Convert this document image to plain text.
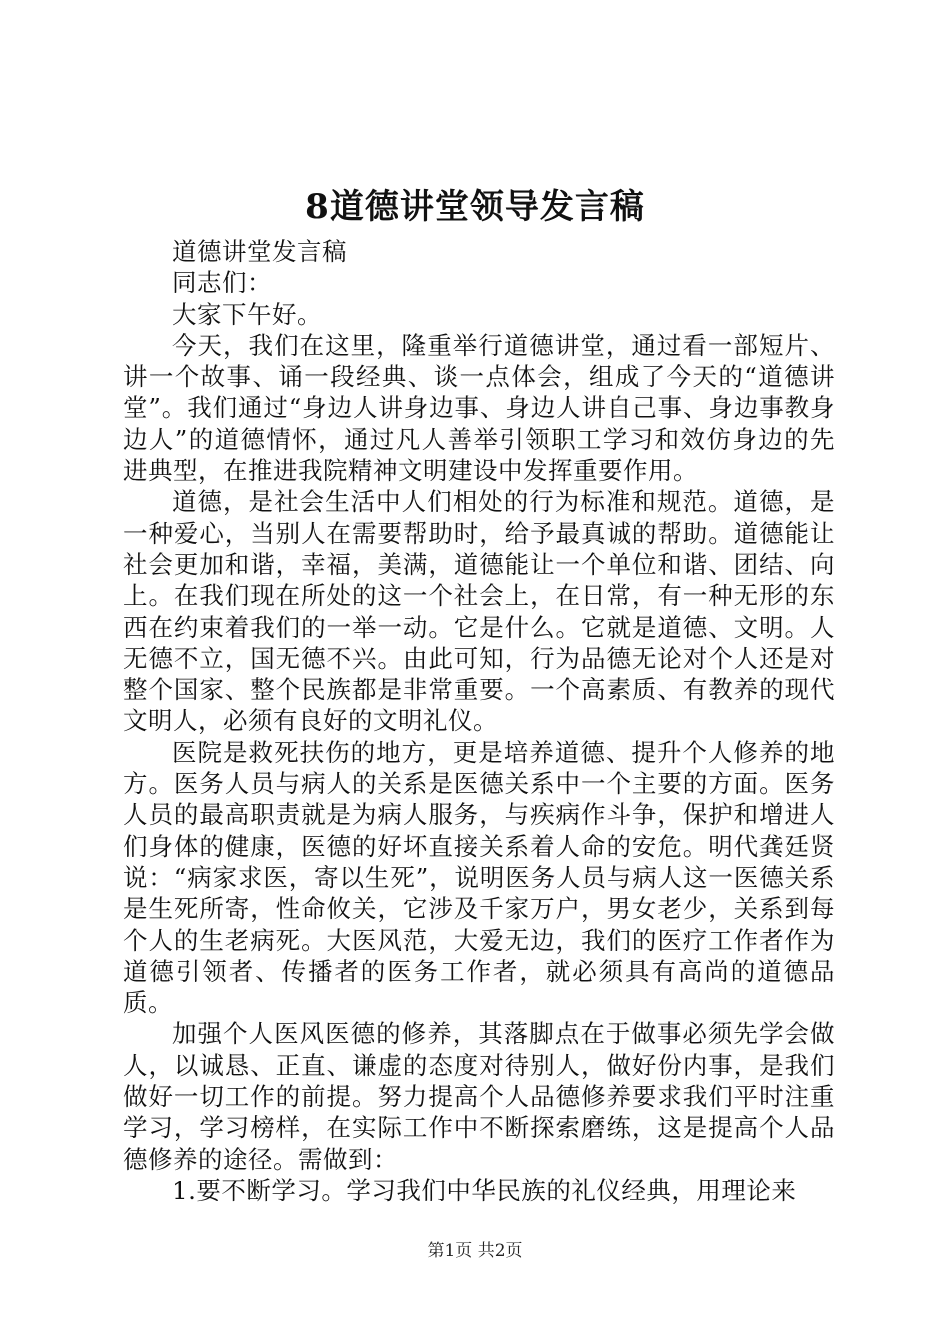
8道德讲堂领导发言稿

道德讲堂发言稿

同志们：

大家下午好。

今天，我们在这里，隆重举行道德讲堂，通过看一部短片、讲一个故事、诵一段经典、谈一点体会，组成了今天的“道德讲堂”。我们通过“身边人讲身边事、身边人讲自己事、身边事教身边人”的道德情怀，通过凡人善举引领职工学习和效仿身边的先进典型，在推进我院精神文明建设中发挥重要作用。

道德，是社会生活中人们相处的行为标准和规范。道德，是一种爱心，当别人在需要帮助时，给予最真诚的帮助。道德能让社会更加和谐，幸福，美满，道德能让一个单位和谐、团结、向上。在我们现在所处的这一个社会上，在日常，有一种无形的东西在约束着我们的一举一动。它是什么。它就是道德、文明。人无德不立，国无德不兴。由此可知，行为品德无论对个人还是对整个国家、整个民族都是非常重要。一个高素质、有教养的现代文明人，必须有良好的文明礼仪。

医院是救死扶伤的地方，更是培养道德、提升个人修养的地方。医务人员与病人的关系是医德关系中一个主要的方面。医务人员的最高职责就是为病人服务，与疾病作斗争，保护和增进人们身体的健康，医德的好坏直接关系着人命的安危。明代龚廷贤说：“病家求医，寄以生死”，说明医务人员与病人这一医德关系是生死所寄，性命攸关，它涉及千家万户，男女老少，关系到每个人的生老病死。大医风范，大爱无边，我们的医疗工作者作为道德引领者、传播者的医务工作者，就必须具有高尚的道德品质。

加强个人医风医德的修养，其落脚点在于做事必须先学会做人，以诚恳、正直、谦虚的态度对待别人，做好份内事，是我们做好一切工作的前提。努力提高个人品德修养要求我们平时注重学习，学习榜样，在实际工作中不断探索磨练，这是提高个人品德修养的途径。需做到：

1.要不断学习。学习我们中华民族的礼仪经典，用理论来

第1页 共2页
